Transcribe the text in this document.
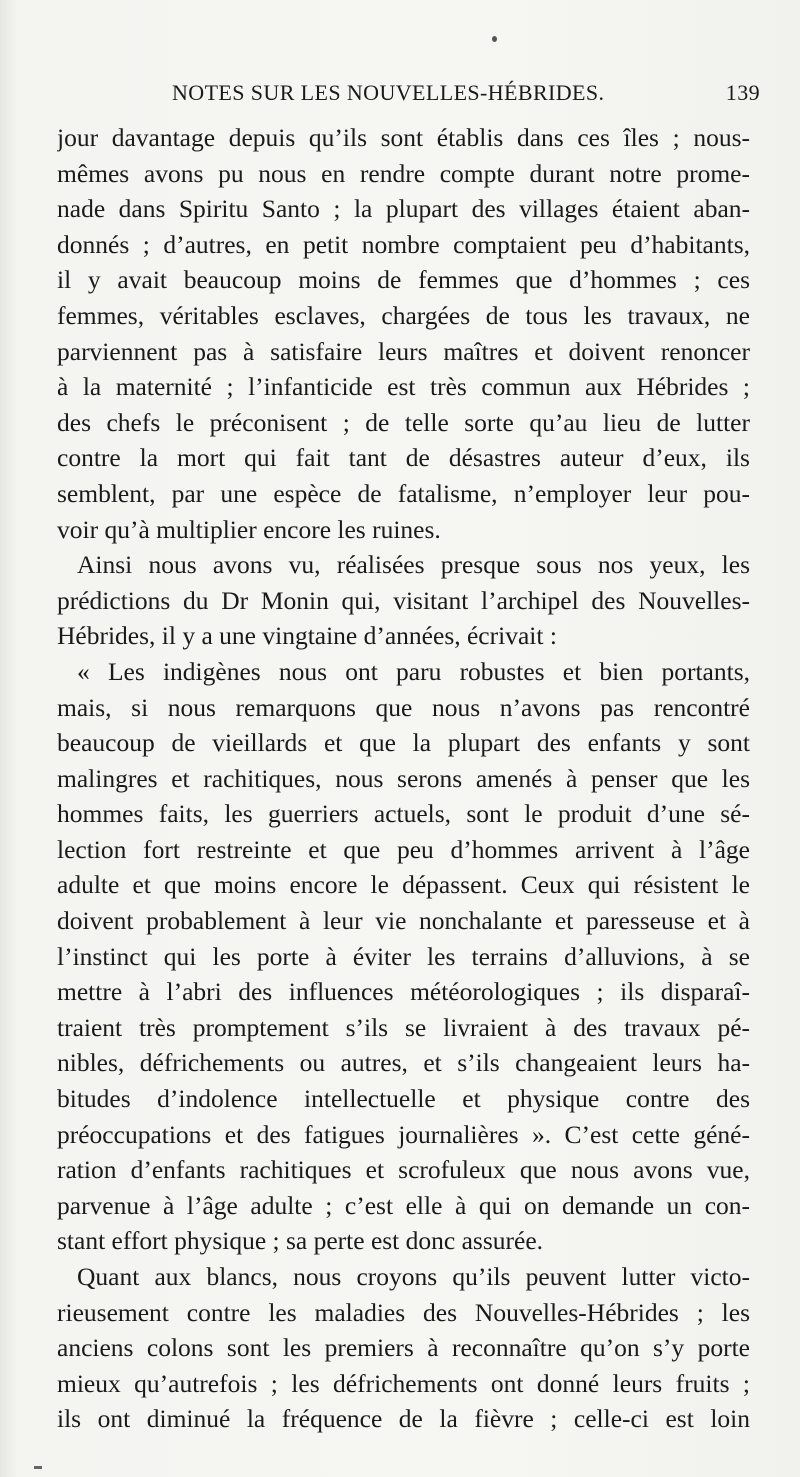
NOTES SUR LES NOUVELLES-HÉBRIDES.	139
jour davantage depuis qu’ils sont établis dans ces îles ; nous-
mêmes avons pu nous en rendre compte durant notre prome-
nade dans Spiritu Santo ; la plupart des villages étaient aban-
donnés ; d’autres, en petit nombre comptaient peu d’habitants,
il y avait beaucoup moins de femmes que d’hommes ; ces
femmes, véritables esclaves, chargées de tous les travaux, ne
parviennent pas à satisfaire leurs maîtres et doivent renoncer
à la maternité ; l’infanticide est très commun aux Hébrides ;
des chefs le préconisent ; de telle sorte qu’au lieu de lutter
contre la mort qui fait tant de désastres auteur d’eux, ils
semblent, par une espèce de fatalisme, n’employer leur pou-
voir qu’à multiplier encore les ruines.
Ainsi nous avons vu, réalisées presque sous nos yeux, les
prédictions du Dr Monin qui, visitant l’archipel des Nouvelles-
Hébrides, il y a une vingtaine d’années, écrivait :
« Les indigènes nous ont paru robustes et bien portants,
mais, si nous remarquons que nous n’avons pas rencontré
beaucoup de vieillards et que la plupart des enfants y sont
malingres et rachitiques, nous serons amenés à penser que les
hommes faits, les guerriers actuels, sont le produit d’une sé-
lection fort restreinte et que peu d’hommes arrivent à l’âge
adulte et que moins encore le dépassent. Ceux qui résistent le
doivent probablement à leur vie nonchalante et paresseuse et à
l’instinct qui les porte à éviter les terrains d’alluvions, à se
mettre à l’abri des influences météorologiques ; ils disparaî-
traient très promptement s’ils se livraient à des travaux pé-
nibles, défrichements ou autres, et s’ils changeaient leurs ha-
bitudes d’indolence intellectuelle et physique contre des
préoccupations et des fatigues journalières ». C’est cette géné-
ration d’enfants rachitiques et scrofuleux que nous avons vue,
parvenue à l’âge adulte ; c’est elle à qui on demande un con-
stant effort physique ; sa perte est donc assurée.
Quant aux blancs, nous croyons qu’ils peuvent lutter victo-
rieusement contre les maladies des Nouvelles-Hébrides ; les
anciens colons sont les premiers à reconnaître qu’on s’y porte
mieux qu’autrefois ; les défrichements ont donné leurs fruits ;
ils ont diminué la fréquence de la fièvre ; celle-ci est loin
